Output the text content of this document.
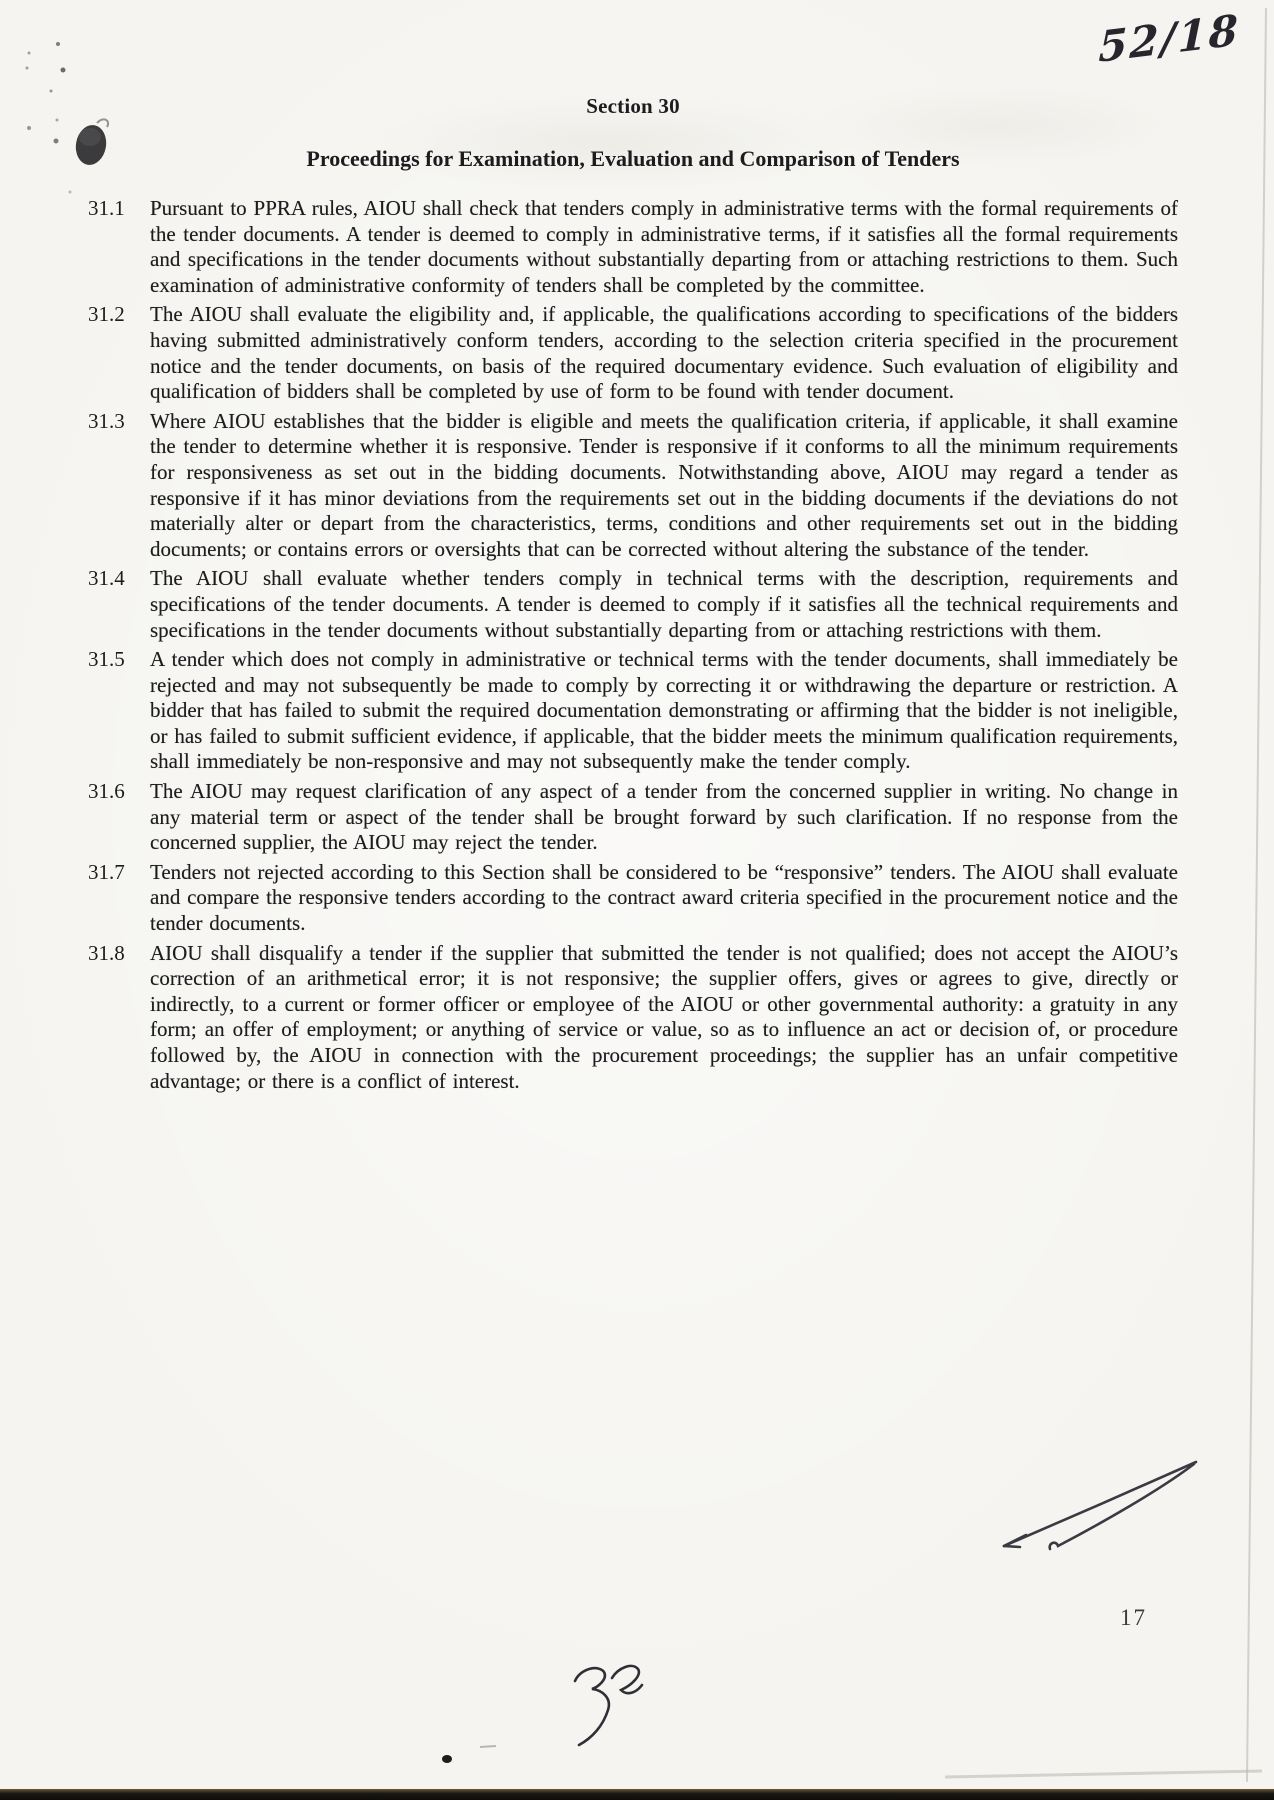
52/18
Section 30
Proceedings for Examination, Evaluation and Comparison of Tenders
31.1	Pursuant to PPRA rules, AIOU shall check that tenders comply in administrative terms with the formal requirements of the tender documents. A tender is deemed to comply in administrative terms, if it satisfies all the formal requirements and specifications in the tender documents without substantially departing from or attaching restrictions to them. Such examination of administrative conformity of tenders shall be completed by the committee.
31.2	The AIOU shall evaluate the eligibility and, if applicable, the qualifications according to specifications of the bidders having submitted administratively conform tenders, according to the selection criteria specified in the procurement notice and the tender documents, on basis of the required documentary evidence. Such evaluation of eligibility and qualification of bidders shall be completed by use of form to be found with tender document.
31.3	Where AIOU establishes that the bidder is eligible and meets the qualification criteria, if applicable, it shall examine the tender to determine whether it is responsive. Tender is responsive if it conforms to all the minimum requirements for responsiveness as set out in the bidding documents. Notwithstanding above, AIOU may regard a tender as responsive if it has minor deviations from the requirements set out in the bidding documents if the deviations do not materially alter or depart from the characteristics, terms, conditions and other requirements set out in the bidding documents; or contains errors or oversights that can be corrected without altering the substance of the tender.
31.4	The AIOU shall evaluate whether tenders comply in technical terms with the description, requirements and specifications of the tender documents. A tender is deemed to comply if it satisfies all the technical requirements and specifications in the tender documents without substantially departing from or attaching restrictions with them.
31.5	A tender which does not comply in administrative or technical terms with the tender documents, shall immediately be rejected and may not subsequently be made to comply by correcting it or withdrawing the departure or restriction. A bidder that has failed to submit the required documentation demonstrating or affirming that the bidder is not ineligible, or has failed to submit sufficient evidence, if applicable, that the bidder meets the minimum qualification requirements, shall immediately be non-responsive and may not subsequently make the tender comply.
31.6	The AIOU may request clarification of any aspect of a tender from the concerned supplier in writing. No change in any material term or aspect of the tender shall be brought forward by such clarification. If no response from the concerned supplier, the AIOU may reject the tender.
31.7	Tenders not rejected according to this Section shall be considered to be “responsive” tenders. The AIOU shall evaluate and compare the responsive tenders according to the contract award criteria specified in the procurement notice and the tender documents.
31.8	AIOU shall disqualify a tender if the supplier that submitted the tender is not qualified; does not accept the AIOU’s correction of an arithmetical error; it is not responsive; the supplier offers, gives or agrees to give, directly or indirectly, to a current or former officer or employee of the AIOU or other governmental authority: a gratuity in any form; an offer of employment; or anything of service or value, so as to influence an act or decision of, or procedure followed by, the AIOU in connection with the procurement proceedings; the supplier has an unfair competitive advantage; or there is a conflict of interest.
17
